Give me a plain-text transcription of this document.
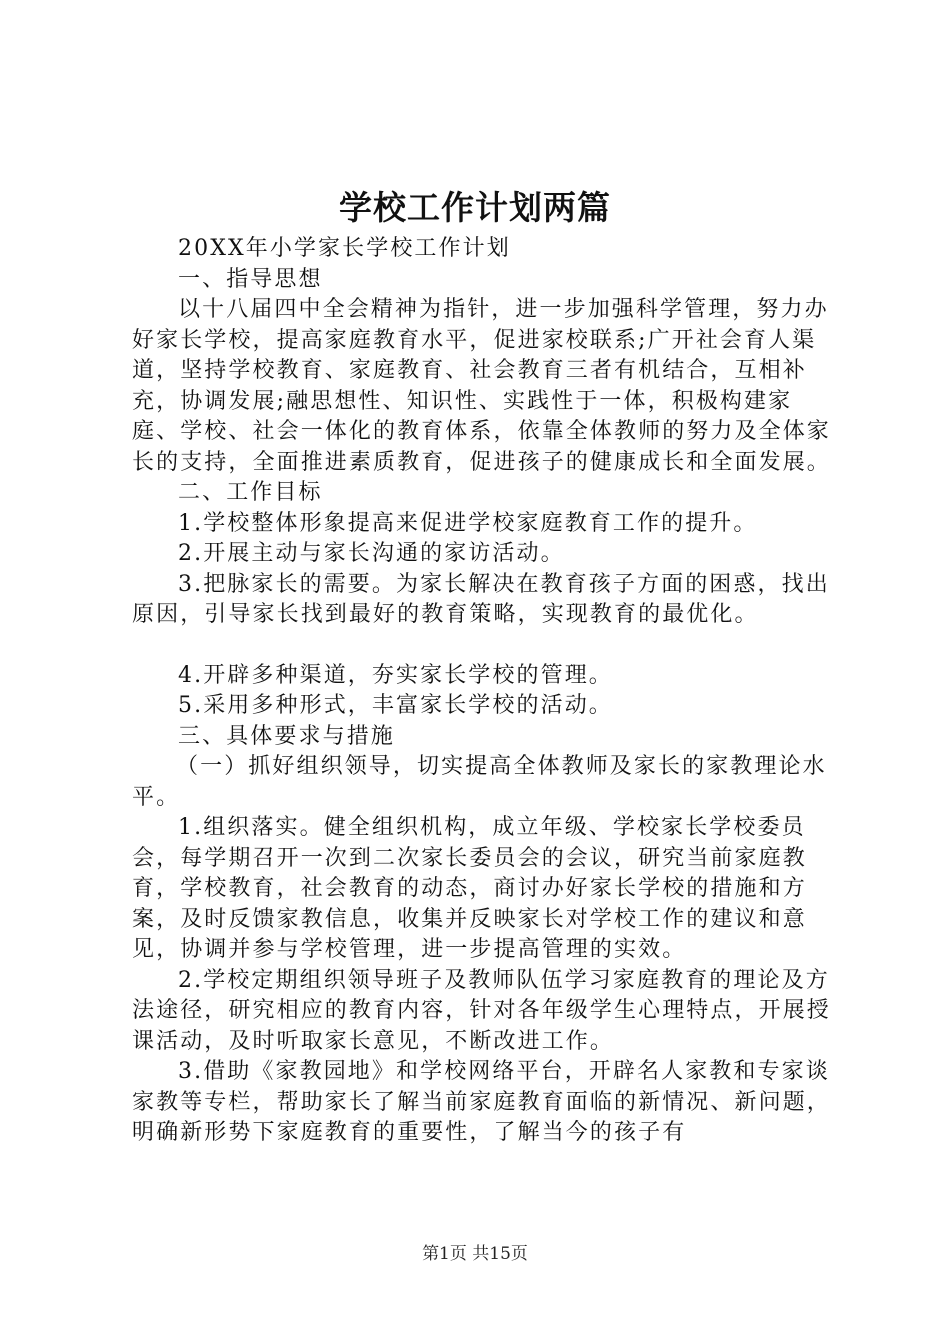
学校工作计划两篇

20XX年小学家长学校工作计划

一、指导思想

以十八届四中全会精神为指针，进一步加强科学管理，努力办好家长学校，提高家庭教育水平，促进家校联系;广开社会育人渠道，坚持学校教育、家庭教育、社会教育三者有机结合，互相补充，协调发展;融思想性、知识性、实践性于一体，积极构建家庭、学校、社会一体化的教育体系，依靠全体教师的努力及全体家长的支持，全面推进素质教育，促进孩子的健康成长和全面发展。

二、工作目标

1.学校整体形象提高来促进学校家庭教育工作的提升。

2.开展主动与家长沟通的家访活动。

3.把脉家长的需要。为家长解决在教育孩子方面的困惑，找出原因，引导家长找到最好的教育策略，实现教育的最优化。

4.开辟多种渠道，夯实家长学校的管理。

5.采用多种形式，丰富家长学校的活动。

三、具体要求与措施

（一）抓好组织领导，切实提高全体教师及家长的家教理论水平。

1.组织落实。健全组织机构，成立年级、学校家长学校委员会，每学期召开一次到二次家长委员会的会议，研究当前家庭教育，学校教育，社会教育的动态，商讨办好家长学校的措施和方案，及时反馈家教信息，收集并反映家长对学校工作的建议和意见，协调并参与学校管理，进一步提高管理的实效。

2.学校定期组织领导班子及教师队伍学习家庭教育的理论及方法途径，研究相应的教育内容，针对各年级学生心理特点，开展授课活动，及时听取家长意见，不断改进工作。

3.借助《家教园地》和学校网络平台，开辟名人家教和专家谈家教等专栏，帮助家长了解当前家庭教育面临的新情况、新问题，明确新形势下家庭教育的重要性，了解当今的孩子有

第1页 共15页
